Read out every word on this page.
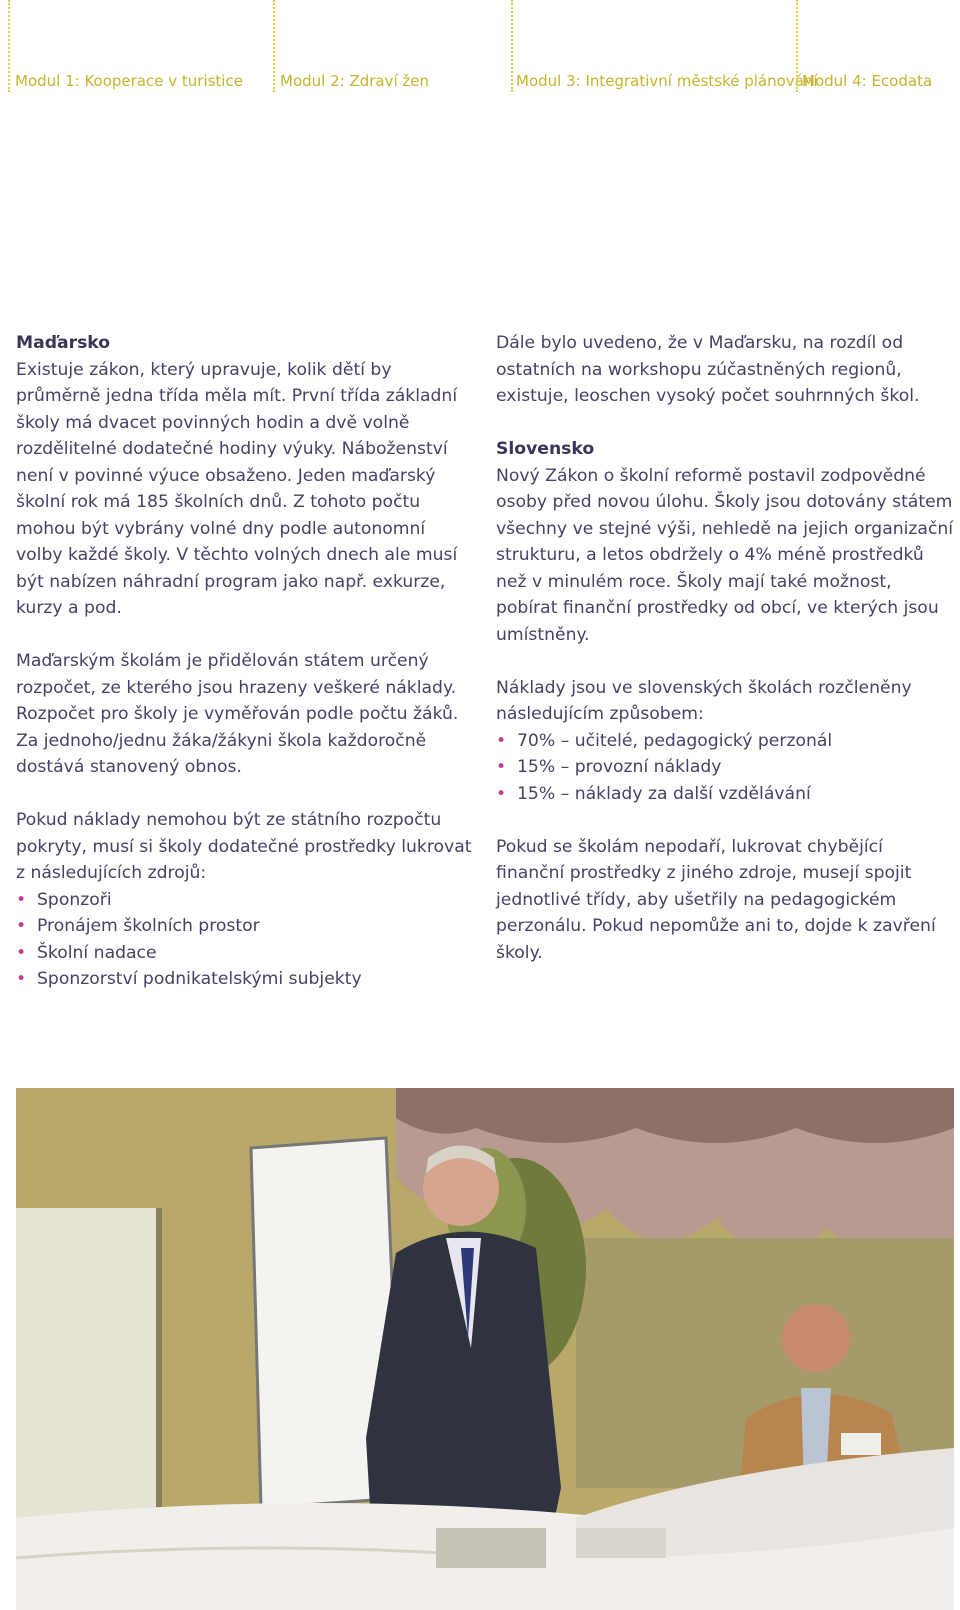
Modul 1: Kooperace v turistice Modul 2: Zdraví žen	Modul 3: Integrativní městské plánování
Modul 4: Ecodata
Maďarsko

Existuje zákon, který upravuje, kolik dětí by průměrně jedna třída měla mít. První třída základní školy má dvacet povinných hodin a dvě volně rozdělitelné dodatečné hodiny výuky. Náboženství není v povinné výuce obsaženo. Jeden maďarský školní rok má 185 školních dnů. Z tohoto počtu mohou být vybrány volné dny podle autonomní volby každé školy. V těchto volných dnech ale musí být nabízen náhradní program jako např. exkurze, kurzy a pod.

Maďarským školám je přidělován státem určený rozpočet, ze kterého jsou hrazeny veškeré náklady. Rozpočet pro školy je vyměřován podle počtu žáků. Za jednoho/jednu žáka/žákyni škola každoročně dostává stanovený obnos.

Pokud náklady nemohou být ze státního rozpočtu pokryty, musí si školy dodatečné prostředky lukrovat z následujících zdrojů:

• Sponzoři
• Pronájem školních prostor
• Školní nadace
• Sponzorství podnikatelskými subjekty

Dále bylo uvedeno, že v Maďarsku, na rozdíl od ostatních na workshopu zúčastněných regionů, existuje, leoschen vysoký počet souhrnných škol.

Slovensko

Nový Zákon o školní reformě postavil zodpovědné osoby před novou úlohu. Školy jsou dotovány státem všechny ve stejné výši, nehledě na jejich organizační strukturu, a letos obdržely o 4% méně prostředků než v minulém roce. Školy mají také možnost, pobírat finanční prostředky od obcí, ve kterých jsou umístněny.

Náklady jsou ve slovenských školách rozčleněny následujícím způsobem:

• 70% – učitelé, pedagogický perzonál
• 15% – provozní náklady
• 15% – náklady za další vzdělávání

Pokud se školám nepodaří, lukrovat chybějící finanční prostředky z jiného zdroje, musejí spojit jednotlivé třídy, aby ušetřily na pedagogickém perzonálu. Pokud nepomůže ani to, dojde k zavření školy.
